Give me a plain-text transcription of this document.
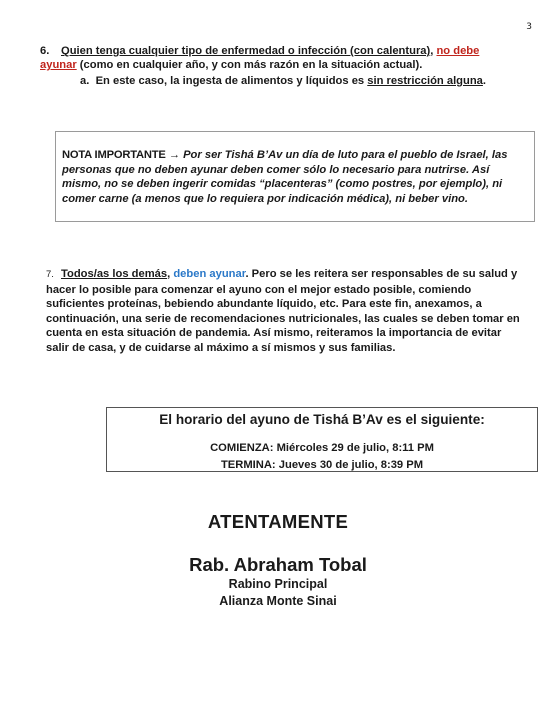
3
6. Quien tenga cualquier tipo de enfermedad o infección (con calentura), no debe ayunar (como en cualquier año, y con más razón en la situación actual).
a. En este caso, la ingesta de alimentos y líquidos es sin restricción alguna.
NOTA IMPORTANTE → Por ser Tishá B’Av un día de luto para el pueblo de Israel, las personas que no deben ayunar deben comer sólo lo necesario para nutrirse. Así mismo, no se deben ingerir comidas “placenteras” (como postres, por ejemplo), ni comer carne (a menos que lo requiera por indicación médica), ni beber vino.
7. Todos/as los demás, deben ayunar. Pero se les reitera ser responsables de su salud y hacer lo posible para comenzar el ayuno con el mejor estado posible, comiendo suficientes proteínas, bebiendo abundante líquido, etc. Para este fin, anexamos, a continuación, una serie de recomendaciones nutricionales, las cuales se deben tomar en cuenta en esta situación de pandemia. Así mismo, reiteramos la importancia de evitar salir de casa, y de cuidarse al máximo a sí mismos y sus familias.
El horario del ayuno de Tishá B’Av es el siguiente:
COMIENZA: Miércoles 29 de julio, 8:11 PM
TERMINA: Jueves 30 de julio, 8:39 PM
ATENTAMENTE
Rab. Abraham Tobal
Rabino Principal
Alianza Monte Sinai
